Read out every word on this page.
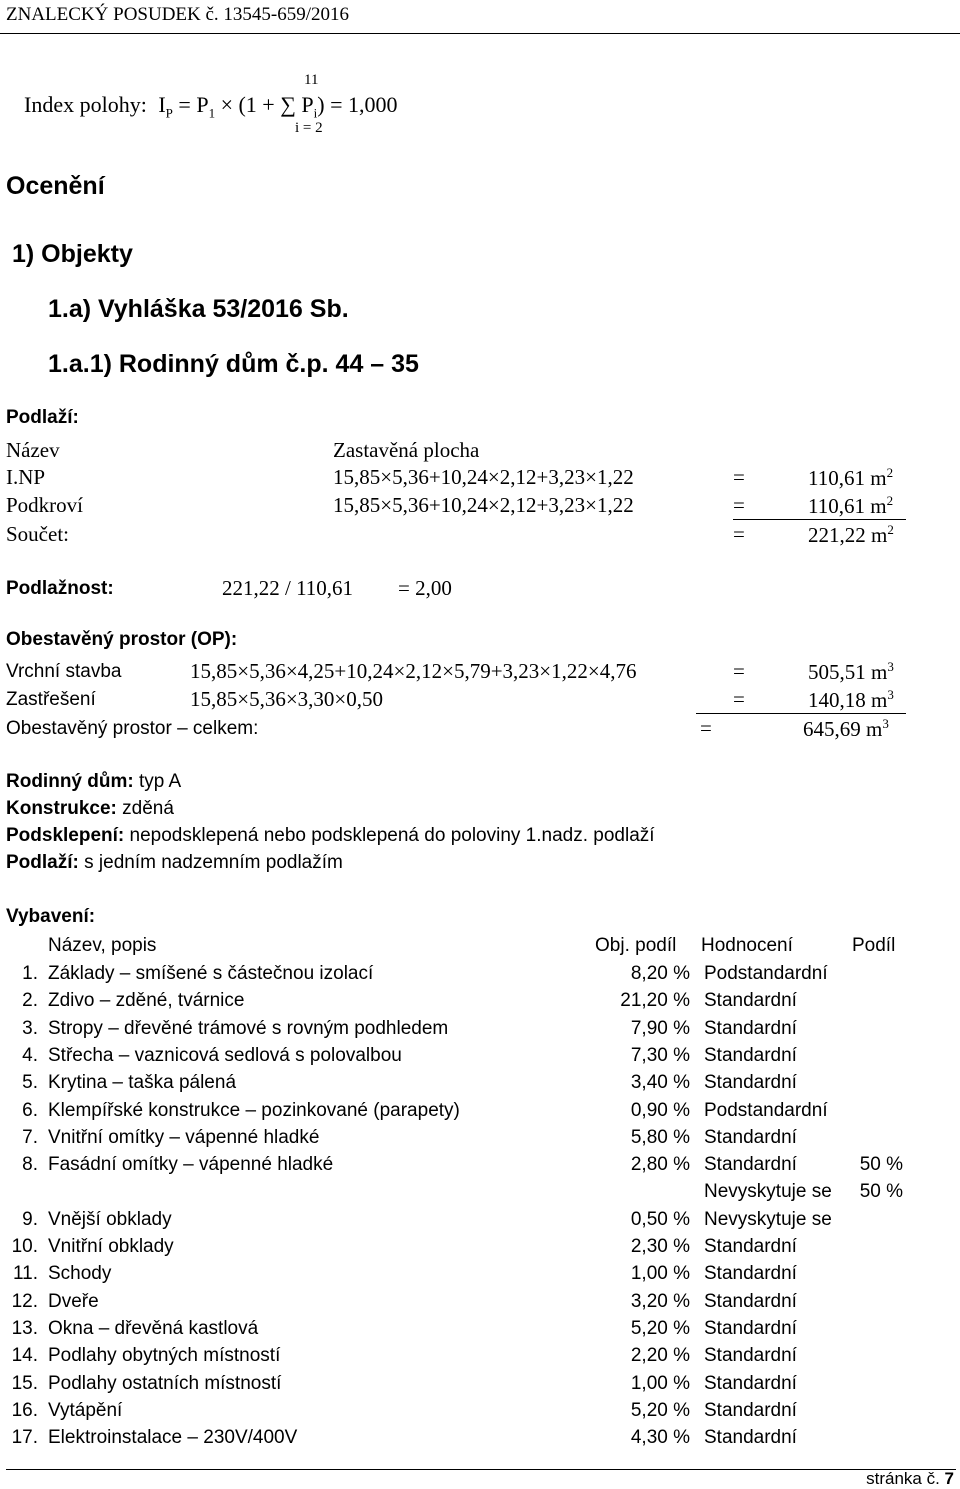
ZNALECKÝ POSUDEK č. 13545-659/2016
11
Index polohy: $I_P = P_1 \times (1$ + ∑ $P_i) = 1,000$
i = 2
Ocenění
1) Objekty
1.a) Vyhláška 53/2016 Sb.
1.a.1) Rodinný dům č.p. 44 – 35
Podlaží:
Název	Zastavěná plocha
I.NP	15,85×5,36+10,24×2,12+3,23×1,22	=	110,61 $m^2$
Podkroví	15,85×5,36+10,24×2,12+3,23×1,22	=	110,61 $m^2$
Součet:	=	221,22 $m^2$
Podlažnost:	221,22 / 110,61 = 2,00
Obestavěný prostor (OP):
Vrchní stavba	15,85×5,36×4,25+10,24×2,12×5,79+3,23×1,22×4,76	=	505,51 $m^3$
Zastřešení	15,85×5,36×3,30×0,50	=	140,18 $m^3$
Obestavěný prostor – celkem:	=	645,69 $m^3$
Rodinný dům: typ A
Konstrukce: zděná
Podsklepení: nepodsklepená nebo podsklepená do poloviny 1.nadz. podlaží
Podlaží: s jedním nadzemním podlažím
Vybavení:
Název, popis	Obj. podíl Hodnocení	Podíl
1. Základy – smíšené s částečnou izolací	8,20 % Podstandardní
2. Zdivo – zděné, tvárnice	21,20 % Standardní
3. Stropy – dřevěné trámové s rovným podhledem	7,90 % Standardní
4. Střecha – vaznicová sedlová s polovalbou	7,30 % Standardní
5. Krytina – taška pálená	3,40 % Standardní
6. Klempířské konstrukce – pozinkované (parapety)	0,90 % Podstandardní
7. Vnitřní omítky – vápenné hladké	5,80 % Standardní
8. Fasádní omítky – vápenné hladké	2,80 % Standardní	50 %
Nevyskytuje se 50 %
9. Vnější obklady	0,50 % Nevyskytuje se
10. Vnitřní obklady	2,30 % Standardní
11. Schody	1,00 % Standardní
12. Dveře	3,20 % Standardní
13. Okna – dřevěná kastlová	5,20 % Standardní
14. Podlahy obytných místností	2,20 % Standardní
15. Podlahy ostatních místností	1,00 % Standardní
16. Vytápění	5,20 % Standardní
17. Elektroinstalace – 230V/400V	4,30 % Standardní
stránka č. 7
